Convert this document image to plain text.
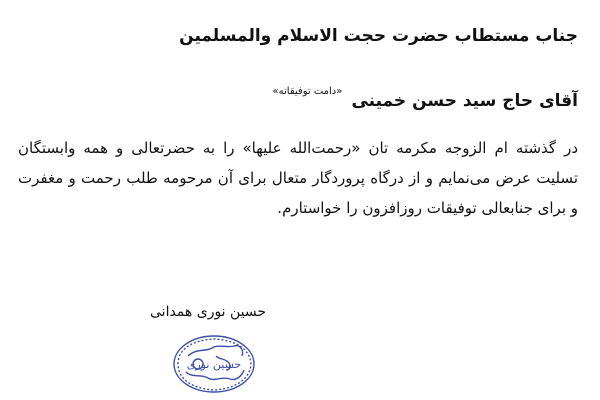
جناب مستطاب حضرت حجت الاسلام والمسلمین
آقای حاج سید حسن خمینی $^{«دامت توفیقاته»}$
در گذشته ام الزوجه مکرمه تان «رحمت‌الله علیها» را به حضرتعالی و همه وابستگان تسلیت عرض می‌نمایم و از درگاه پروردگار متعال برای آن مرحومه طلب رحمت و مغفرت و برای جنابعالی توفیقات روزافزون را خواستارم.
حسین نوری همدانی
حسین نوری
